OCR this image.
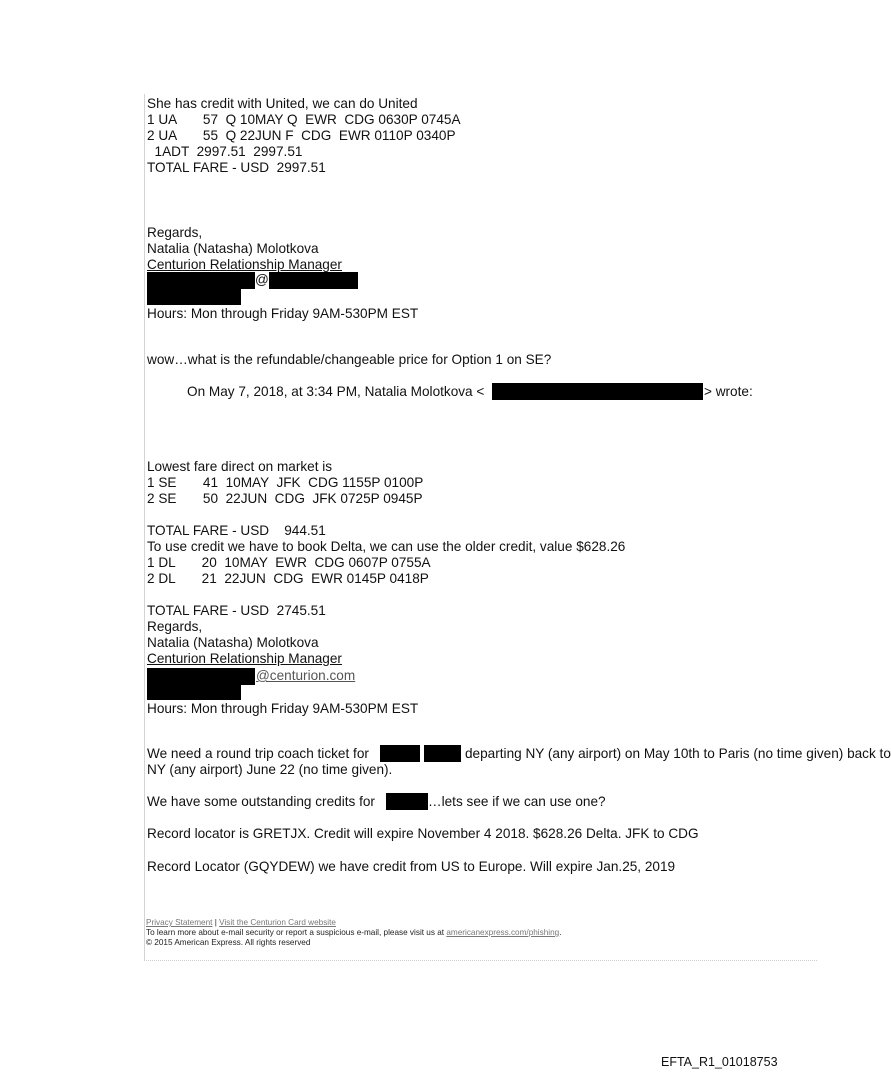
She has credit with United, we can do United
1 UA       57  Q 10MAY Q  EWR  CDG 0630P 0745A
2 UA       55  Q 22JUN F  CDG  EWR 0110P 0340P
1ADT  2997.51  2997.51
TOTAL FARE - USD  2997.51
Regards,
Natalia (Natasha) Molotkova
Centurion Relationship Manager
@
Hours: Mon through Friday 9AM-530PM EST
wow…what is the refundable/changeable price for Option 1 on SE?
On May 7, 2018, at 3:34 PM, Natalia Molotkova <	> wrote:
Lowest fare direct on market is
1 SE       41  10MAY  JFK  CDG 1155P 0100P
2 SE       50  22JUN  CDG  JFK 0725P 0945P
TOTAL FARE - USD    944.51
To use credit we have to book Delta, we can use the older credit, value $628.26
1 DL       20  10MAY  EWR  CDG 0607P 0755A
2 DL       21  22JUN  CDG  EWR 0145P 0418P
TOTAL FARE - USD  2745.51
Regards,
Natalia (Natasha) Molotkova
Centurion Relationship Manager
@centurion.com
Hours: Mon through Friday 9AM-530PM EST
We need a round trip coach ticket for	departing NY (any airport) on May 10th to Paris (no time given) back to
NY (any airport) June 22 (no time given).
We have some outstanding credits for	…lets see if we can use one?
Record locator is GRETJX. Credit will expire November 4 2018. $628.26 Delta. JFK to CDG
Record Locator (GQYDEW) we have credit from US to Europe. Will expire Jan.25, 2019
Privacy Statement | Visit the Centurion Card website
To learn more about e-mail security or report a suspicious e-mail, please visit us at americanexpress.com/phishing.
© 2015 American Express. All rights reserved
EFTA_R1_01018753
